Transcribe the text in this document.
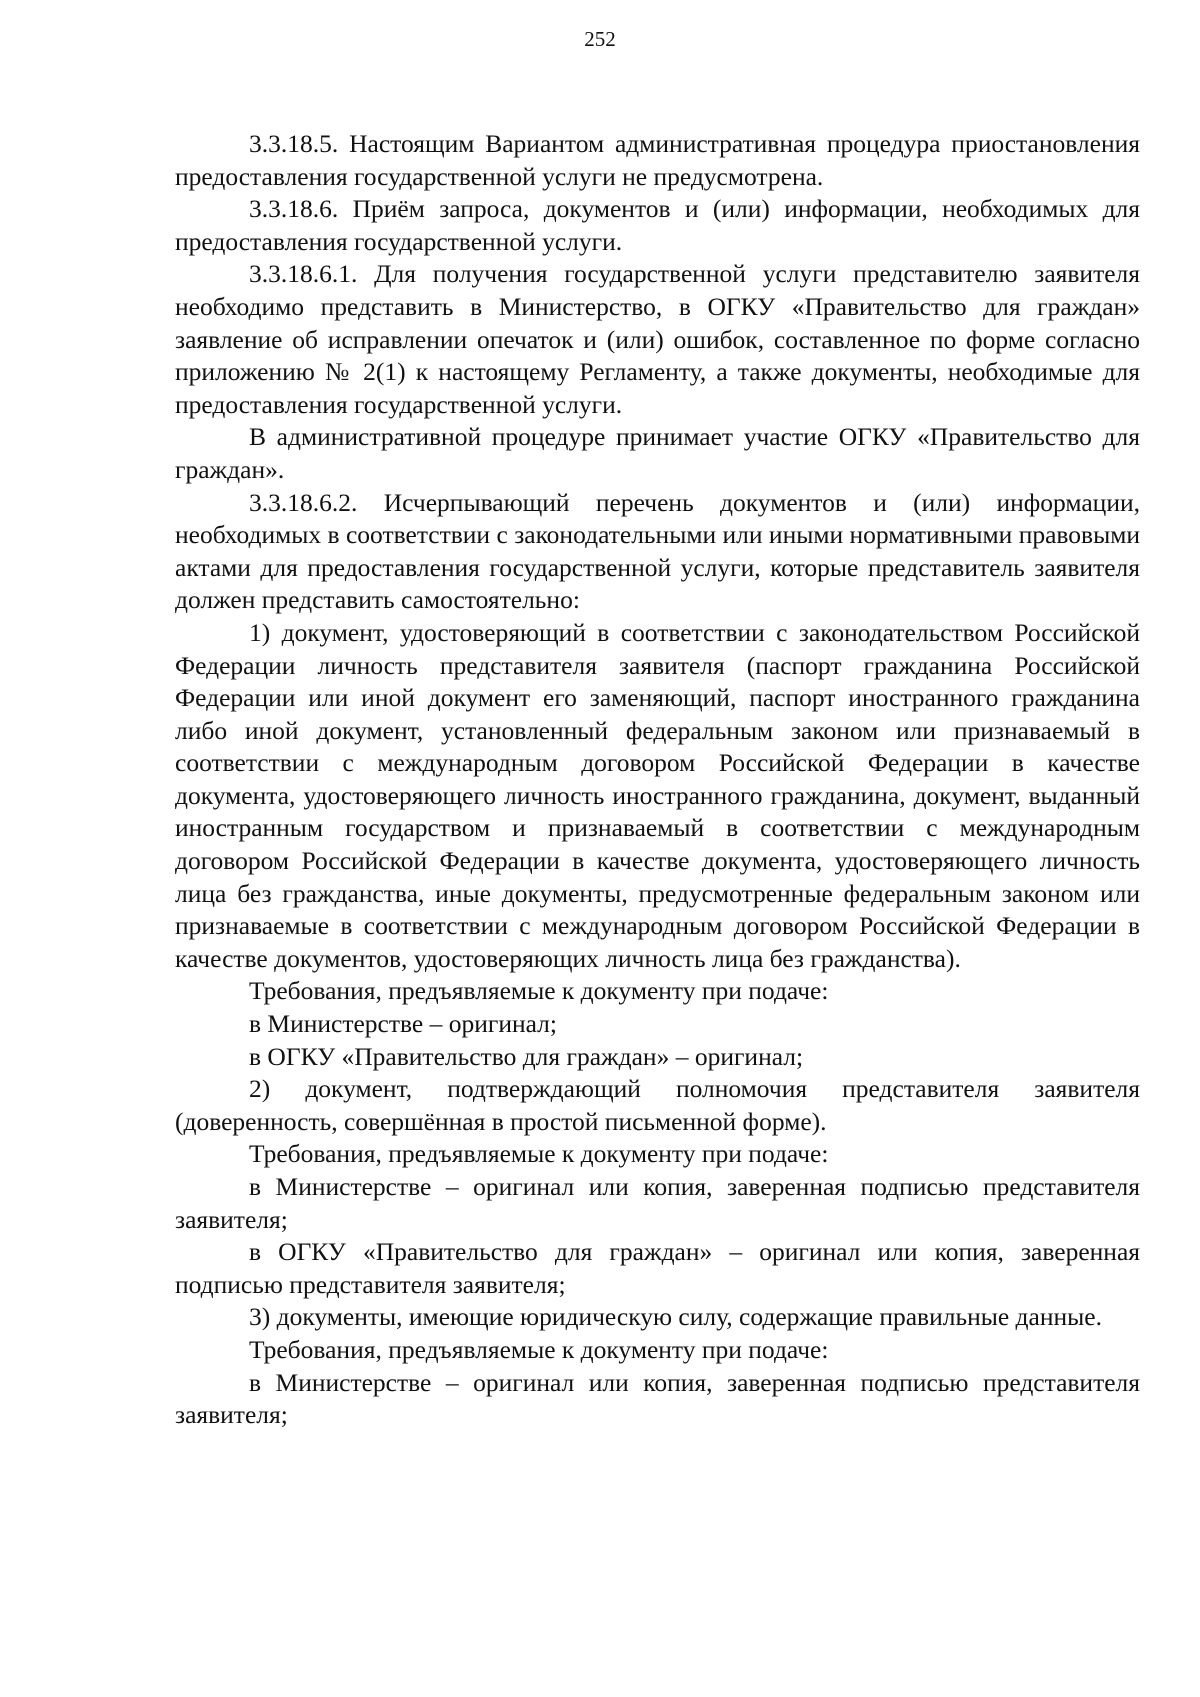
252

3.3.18.5. Настоящим Вариантом административная процедура приостановления предоставления государственной услуги не предусмотрена.

3.3.18.6. Приём запроса, документов и (или) информации, необходимых для предоставления государственной услуги.

3.3.18.6.1. Для получения государственной услуги представителю заявителя необходимо представить в Министерство, в ОГКУ «Правительство для граждан» заявление об исправлении опечаток и (или) ошибок, составленное по форме согласно приложению № 2(1) к настоящему Регламенту, а также документы, необходимые для предоставления государственной услуги.

В административной процедуре принимает участие ОГКУ «Правительство для граждан».

3.3.18.6.2. Исчерпывающий перечень документов и (или) информации, необходимых в соответствии с законодательными или иными нормативными правовыми актами для предоставления государственной услуги, которые представитель заявителя должен представить самостоятельно:

1) документ, удостоверяющий в соответствии с законодательством Российской Федерации личность представителя заявителя (паспорт гражданина Российской Федерации или иной документ его заменяющий, паспорт иностранного гражданина либо иной документ, установленный федеральным законом или признаваемый в соответствии с международным договором Российской Федерации в качестве документа, удостоверяющего личность иностранного гражданина, документ, выданный иностранным государством и признаваемый в соответствии с международным договором Российской Федерации в качестве документа, удостоверяющего личность лица без гражданства, иные документы, предусмотренные федеральным законом или признаваемые в соответствии с международным договором Российской Федерации в качестве документов, удостоверяющих личность лица без гражданства).

Требования, предъявляемые к документу при подаче:

в Министерстве – оригинал;

в ОГКУ «Правительство для граждан» – оригинал;

2) документ, подтверждающий полномочия представителя заявителя (доверенность, совершённая в простой письменной форме).

Требования, предъявляемые к документу при подаче:

в Министерстве – оригинал или копия, заверенная подписью представителя заявителя;

в ОГКУ «Правительство для граждан» – оригинал или копия, заверенная подписью представителя заявителя;

3) документы, имеющие юридическую силу, содержащие правильные данные.

Требования, предъявляемые к документу при подаче:

в Министерстве – оригинал или копия, заверенная подписью представителя заявителя;
